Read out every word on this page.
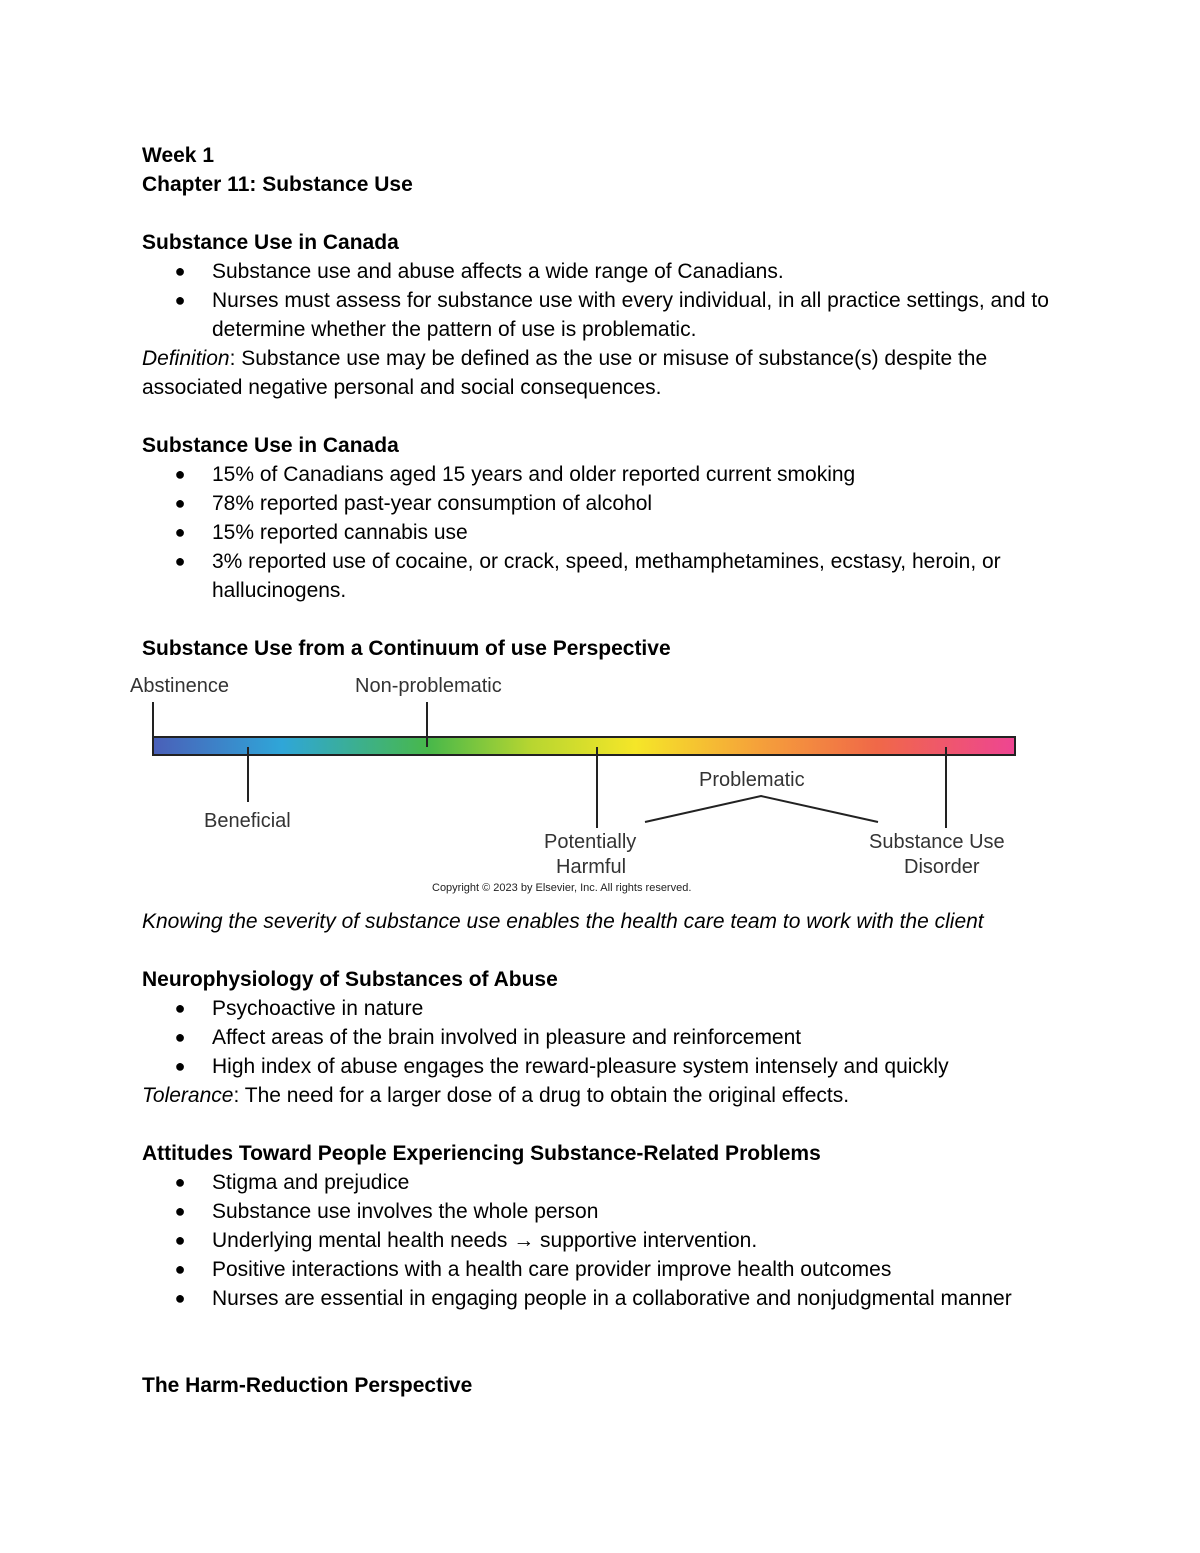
Week 1
Chapter 11: Substance Use
Substance Use in Canada
● Substance use and abuse affects a wide range of Canadians.
● Nurses must assess for substance use with every individual, in all practice settings, and to determine whether the pattern of use is problematic.
Definition: Substance use may be defined as the use or misuse of substance(s) despite the associated negative personal and social consequences.
Substance Use in Canada
● 15% of Canadians aged 15 years and older reported current smoking
● 78% reported past-year consumption of alcohol
● 15% reported cannabis use
● 3% reported use of cocaine, or crack, speed, methamphetamines, ecstasy, heroin, or hallucinogens.
Substance Use from a Continuum of use Perspective
Abstinence	Non-problematic
Beneficial
Problematic
Potentially
Harmful
Substance Use
Disorder
Copyright © 2023 by Elsevier, Inc. All rights reserved.
Knowing the severity of substance use enables the health care team to work with the client
Neurophysiology of Substances of Abuse
● Psychoactive in nature
● Affect areas of the brain involved in pleasure and reinforcement
● High index of abuse engages the reward-pleasure system intensely and quickly
Tolerance: The need for a larger dose of a drug to obtain the original effects.
Attitudes Toward People Experiencing Substance-Related Problems
● Stigma and prejudice
● Substance use involves the whole person
● Underlying mental health needs → supportive intervention.
● Positive interactions with a health care provider improve health outcomes
● Nurses are essential in engaging people in a collaborative and nonjudgmental manner
The Harm-Reduction Perspective
